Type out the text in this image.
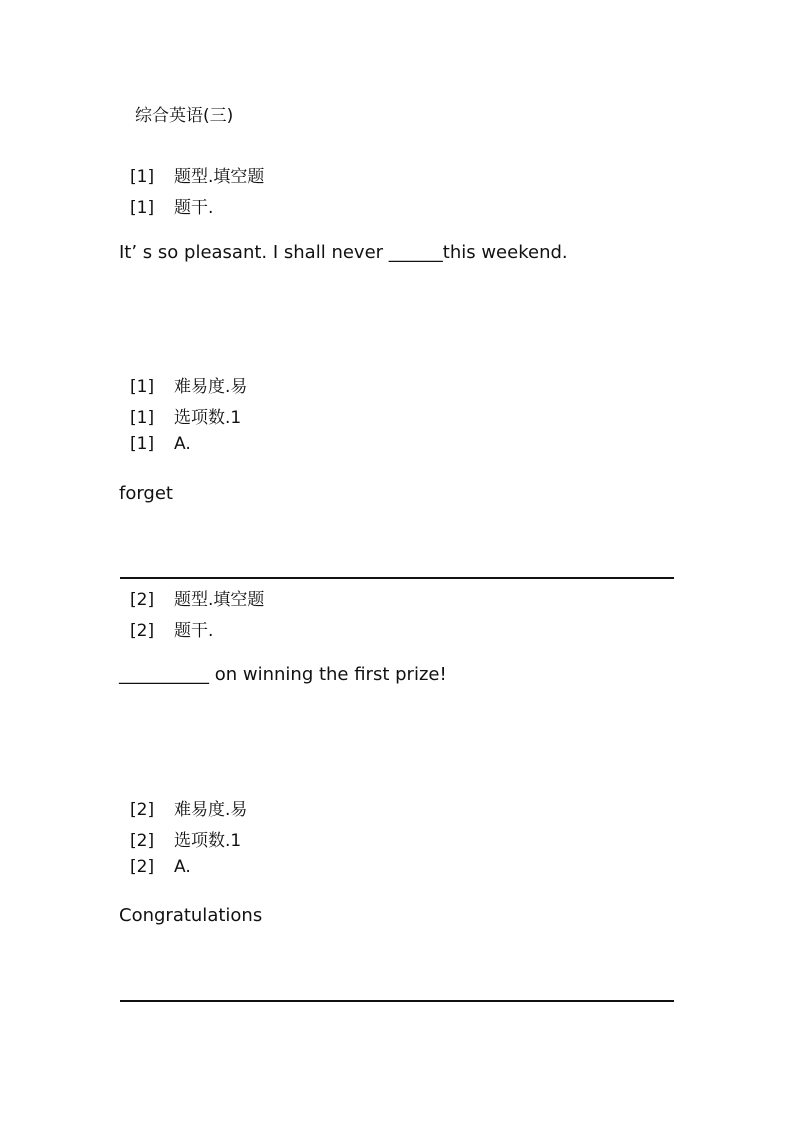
综合英语(三)
[1] 题型.填空题
[1] 题干.
It’ s so pleasant. I shall never ______this weekend.
[1] 难易度.易
[1] 选项数.1
[1] A.
forget
[2] 题型.填空题
[2] 题干.
__________ on winning the first prize!
[2] 难易度.易
[2] 选项数.1
[2] A.
Congratulations
